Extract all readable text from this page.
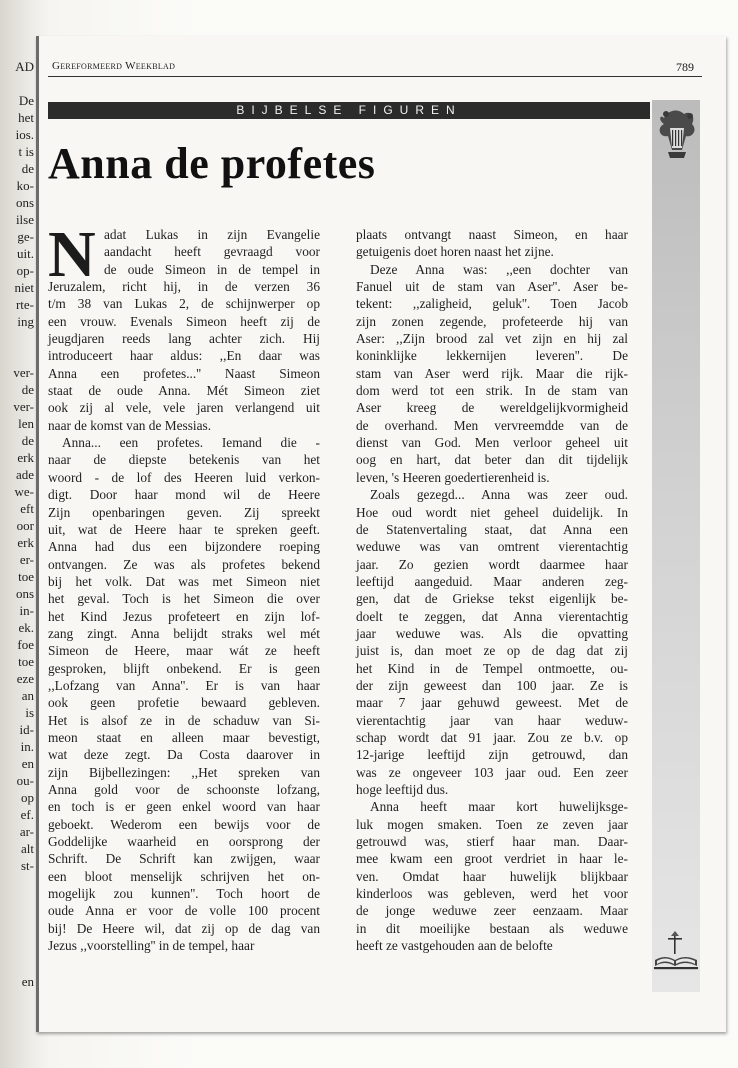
AD
De
het
ios.
t is
de
ko-
ons
ilse
ge-
uit.
op-
niet
rte-
ing
ver-
de
ver-
len
de
erk
ade
we-
eft
oor
erk
er-
toe
ons
in-
ek.
foe
toe
eze
an
is
id-
in.
en
ou-
op
ef.
ar-
alt
st-
en
Gereformeerd Weekblad	789
BIJBELSE FIGUREN
Anna de profetes
N adat Lukas in zijn Evangelie
aandacht heeft gevraagd voor
de oude Simeon in de tempel in
Jeruzalem, richt hij, in de verzen 36
t/m 38 van Lukas 2, de schijnwerper op
een vrouw. Evenals Simeon heeft zij de
jeugdjaren reeds lang achter zich. Hij
introduceert haar aldus: ,,En daar was
Anna een profetes...'' Naast Simeon
staat de oude Anna. Mét Simeon ziet
ook zij al vele, vele jaren verlangend uit
naar de komst van de Messias.
Anna... een profetes. Iemand die -
naar de diepste betekenis van het
woord - de lof des Heeren luid verkon-
digt. Door haar mond wil de Heere
Zijn openbaringen geven. Zij spreekt
uit, wat de Heere haar te spreken geeft.
Anna had dus een bijzondere roeping
ontvangen. Ze was als profetes bekend
bij het volk. Dat was met Simeon niet
het geval. Toch is het Simeon die over
het Kind Jezus profeteert en zijn lof-
zang zingt. Anna belijdt straks wel mét
Simeon de Heere, maar wát ze heeft
gesproken, blijft onbekend. Er is geen
,,Lofzang van Anna''. Er is van haar
ook geen profetie bewaard gebleven.
Het is alsof ze in de schaduw van Si-
meon staat en alleen maar bevestigt,
wat deze zegt. Da Costa daarover in
zijn Bijbellezingen: ,,Het spreken van
Anna gold voor de schoonste lofzang,
en toch is er geen enkel woord van haar
geboekt. Wederom een bewijs voor de
Goddelijke waarheid en oorsprong der
Schrift. De Schrift kan zwijgen, waar
een bloot menselijk schrijven het on-
mogelijk zou kunnen''. Toch hoort de
oude Anna er voor de volle 100 procent
bij! De Heere wil, dat zij op de dag van
Jezus ,,voorstelling'' in de tempel, haar
plaats ontvangt naast Simeon, en haar
getuigenis doet horen naast het zijne.
Deze Anna was: ,,een dochter van
Fanuel uit de stam van Aser''. Aser be-
tekent: ,,zaligheid, geluk''. Toen Jacob
zijn zonen zegende, profeteerde hij van
Aser: ,,Zijn brood zal vet zijn en hij zal
koninklijke lekkernijen leveren''. De
stam van Aser werd rijk. Maar die rijk-
dom werd tot een strik. In de stam van
Aser kreeg de wereldgelijkvormigheid
de overhand. Men vervreemdde van de
dienst van God. Men verloor geheel uit
oog en hart, dat beter dan dit tijdelijk
leven, 's Heeren goedertierenheid is.
Zoals gezegd... Anna was zeer oud.
Hoe oud wordt niet geheel duidelijk. In
de Statenvertaling staat, dat Anna een
weduwe was van omtrent vierentachtig
jaar. Zo gezien wordt daarmee haar
leeftijd aangeduid. Maar anderen zeg-
gen, dat de Griekse tekst eigenlijk be-
doelt te zeggen, dat Anna vierentachtig
jaar weduwe was. Als die opvatting
juist is, dan moet ze op de dag dat zij
het Kind in de Tempel ontmoette, ou-
der zijn geweest dan 100 jaar. Ze is
maar 7 jaar gehuwd geweest. Met de
vierentachtig jaar van haar weduw-
schap wordt dat 91 jaar. Zou ze b.v. op
12-jarige leeftijd zijn getrouwd, dan
was ze ongeveer 103 jaar oud. Een zeer
hoge leeftijd dus.
Anna heeft maar kort huwelijksge-
luk mogen smaken. Toen ze zeven jaar
getrouwd was, stierf haar man. Daar-
mee kwam een groot verdriet in haar le-
ven. Omdat haar huwelijk blijkbaar
kinderloos was gebleven, werd het voor
de jonge weduwe zeer eenzaam. Maar
in dit moeilijke bestaan als weduwe
heeft ze vastgehouden aan de belofte
